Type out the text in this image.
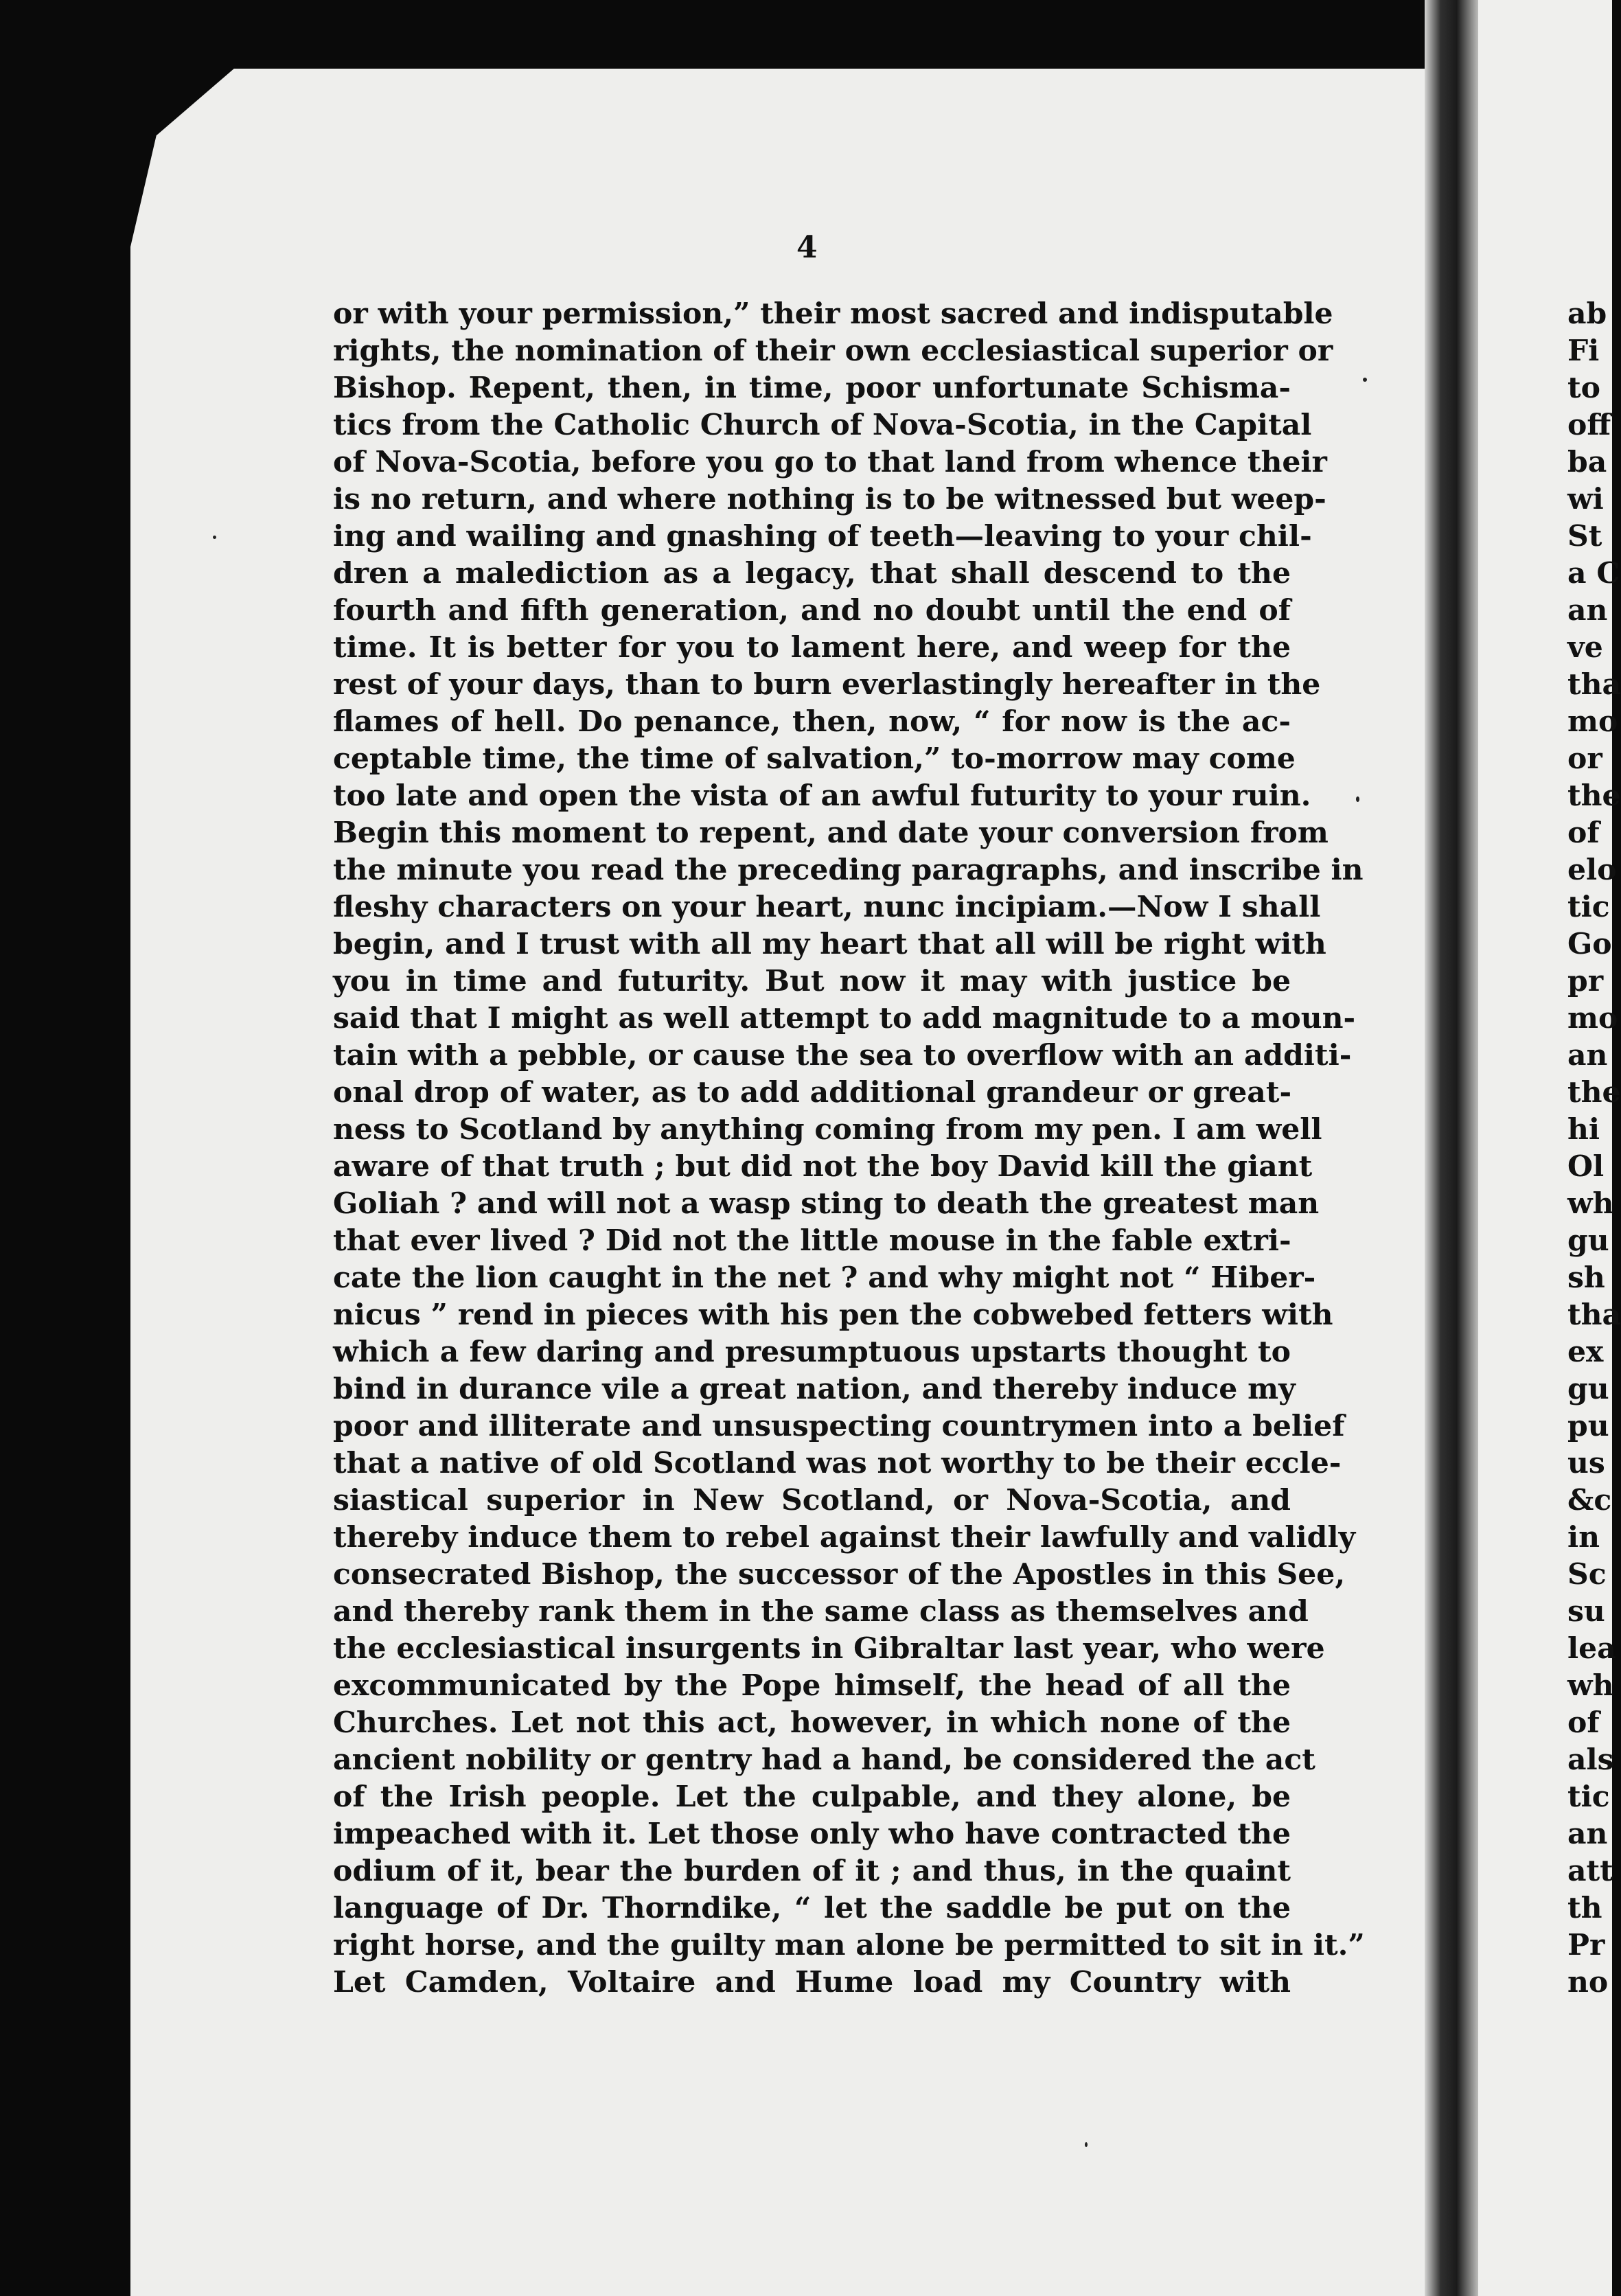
4
or with your permission,” their most sacred and indisputable
rights, the nomination of their own ecclesiastical superior or
Bishop. Repent, then, in time, poor unfortunate Schisma-
tics from the Catholic Church of Nova-Scotia, in the Capital
of Nova-Scotia, before you go to that land from whence their
is no return, and where nothing is to be witnessed but weep-
ing and wailing and gnashing of teeth—leaving to your chil-
dren a malediction as a legacy, that shall descend to the
fourth and fifth generation, and no doubt until the end of
time. It is better for you to lament here, and weep for the
rest of your days, than to burn everlastingly hereafter in the
flames of hell. Do penance, then, now, “ for now is the ac-
ceptable time, the time of salvation,” to-morrow may come
too late and open the vista of an awful futurity to your ruin.
Begin this moment to repent, and date your conversion from
the minute you read the preceding paragraphs, and inscribe in
fleshy characters on your heart, nunc incipiam.—Now I shall
begin, and I trust with all my heart that all will be right with
you in time and futurity. But now it may with justice be
said that I might as well attempt to add magnitude to a moun-
tain with a pebble, or cause the sea to overflow with an additi-
onal drop of water, as to add additional grandeur or great-
ness to Scotland by anything coming from my pen. I am well
aware of that truth ; but did not the boy David kill the giant
Goliah ? and will not a wasp sting to death the greatest man
that ever lived ? Did not the little mouse in the fable extri-
cate the lion caught in the net ? and why might not “ Hiber-
nicus ” rend in pieces with his pen the cobwebed fetters with
which a few daring and presumptuous upstarts thought to
bind in durance vile a great nation, and thereby induce my
poor and illiterate and unsuspecting countrymen into a belief
that a native of old Scotland was not worthy to be their eccle-
siastical superior in New Scotland, or Nova-Scotia, and
thereby induce them to rebel against their lawfully and validly
consecrated Bishop, the successor of the Apostles in this See,
and thereby rank them in the same class as themselves and
the ecclesiastical insurgents in Gibraltar last year, who were
excommunicated by the Pope himself, the head of all the
Churches. Let not this act, however, in which none of the
ancient nobility or gentry had a hand, be considered the act
of the Irish people. Let the culpable, and they alone, be
impeached with it. Let those only who have contracted the
odium of it, bear the burden of it ; and thus, in the quaint
language of Dr. Thorndike, “ let the saddle be put on the
right horse, and the guilty man alone be permitted to sit in it.”
Let Camden, Voltaire and Hume load my Country with
ab
Fi
to
off
ba
wi
St
a C
an
ve
tha
mo
or
the
of
elo
tic
Go
pr
mo
an
the
hi
Ol
wh
gu
sh
tha
ex
gu
pu
us
&c
in
Sc
su
lea
wh
of
als
tic
an
att
th
Pr
no
